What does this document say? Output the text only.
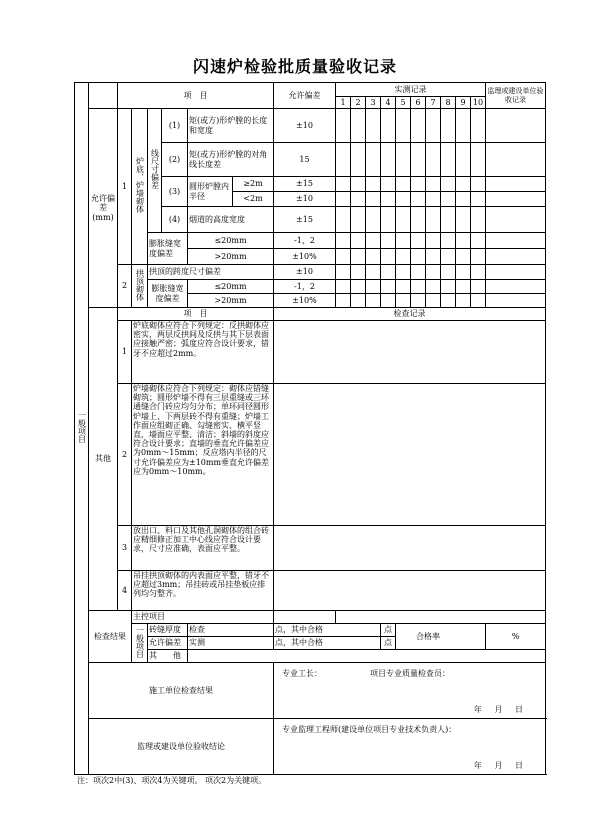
闪速炉检验批质量验收记录
一般项目		项　目						允许偏差	实测记录										监理或建设单位验收记录
									1	2	3	4	5	6	7	8	9	10	
	允许偏差(mm)	1	炉底、炉墙砌体	线尺寸偏差	(1)	矩(或方)形炉膛的长度和宽度		±10											
					(2)	矩(或方)形炉膛的对角线长度差		15											
					(3)	圆形炉膛内半径	≥2m	±15											
							<2m	±10											
					(4)	烟道的高度宽度		±15											
				膨胀缝宽度偏差		≤20mm		-1，2											
						>20mm		±10%											
		2	拱顶砌体	拱顶的跨度尺寸偏差				±10											
				膨胀缝宽度偏差		≤20mm		-1，2											
						>20mm		±10%											
	其他	项　目						检查记录											
		1	炉底砌体应符合下列规定：反拱砌体应密实，两层反拱间及反拱与其下层表面应接触严密；弧度应符合设计要求，错牙不应超过2mm。																
		2	炉墙砌体应符合下列规定：砌体应错缝砌筑；圆形炉墙不得有三层重缝或三环通缝合门砖应均匀分布；单环同径圆形炉墙上、下两层砖不得有重缝；炉墙工作面应组砌正确、勾缝密实、横平竖直，墙面应平整、清洁；斜墙的斜度应符合设计要求；直墙的垂直允许偏差应为0mm～15mm；反应塔内半径的尺寸允许偏差应为±10mm垂直允许偏差应为0mm～10mm。																
		3	放出口、料口及其他孔洞砌体的组合砖应精细修正加工中心线应符合设计要求，尺寸应准确，表面应平整。																
		4	吊挂拱顶砌体的内表面应平整，错牙不应超过3mm；吊挂砖或吊挂垫板应排列均匀整齐。																
	检查结果		主控项目																
			一般项目	砖缝厚度		检查		点，其中合格				点	合格率						%
				允许偏差		实测		点，其中合格				点							
				其　　他															
	施工单位检查结果							专业工长： 项目专业质量检查员：
年 月 日											

	监理或建设单位验收结论							专业监理工程师(建设单位项目专业技术负责人)：
年 月 日											
注：项次2中(3)、项次4为关键项。 项次2为关键项。
